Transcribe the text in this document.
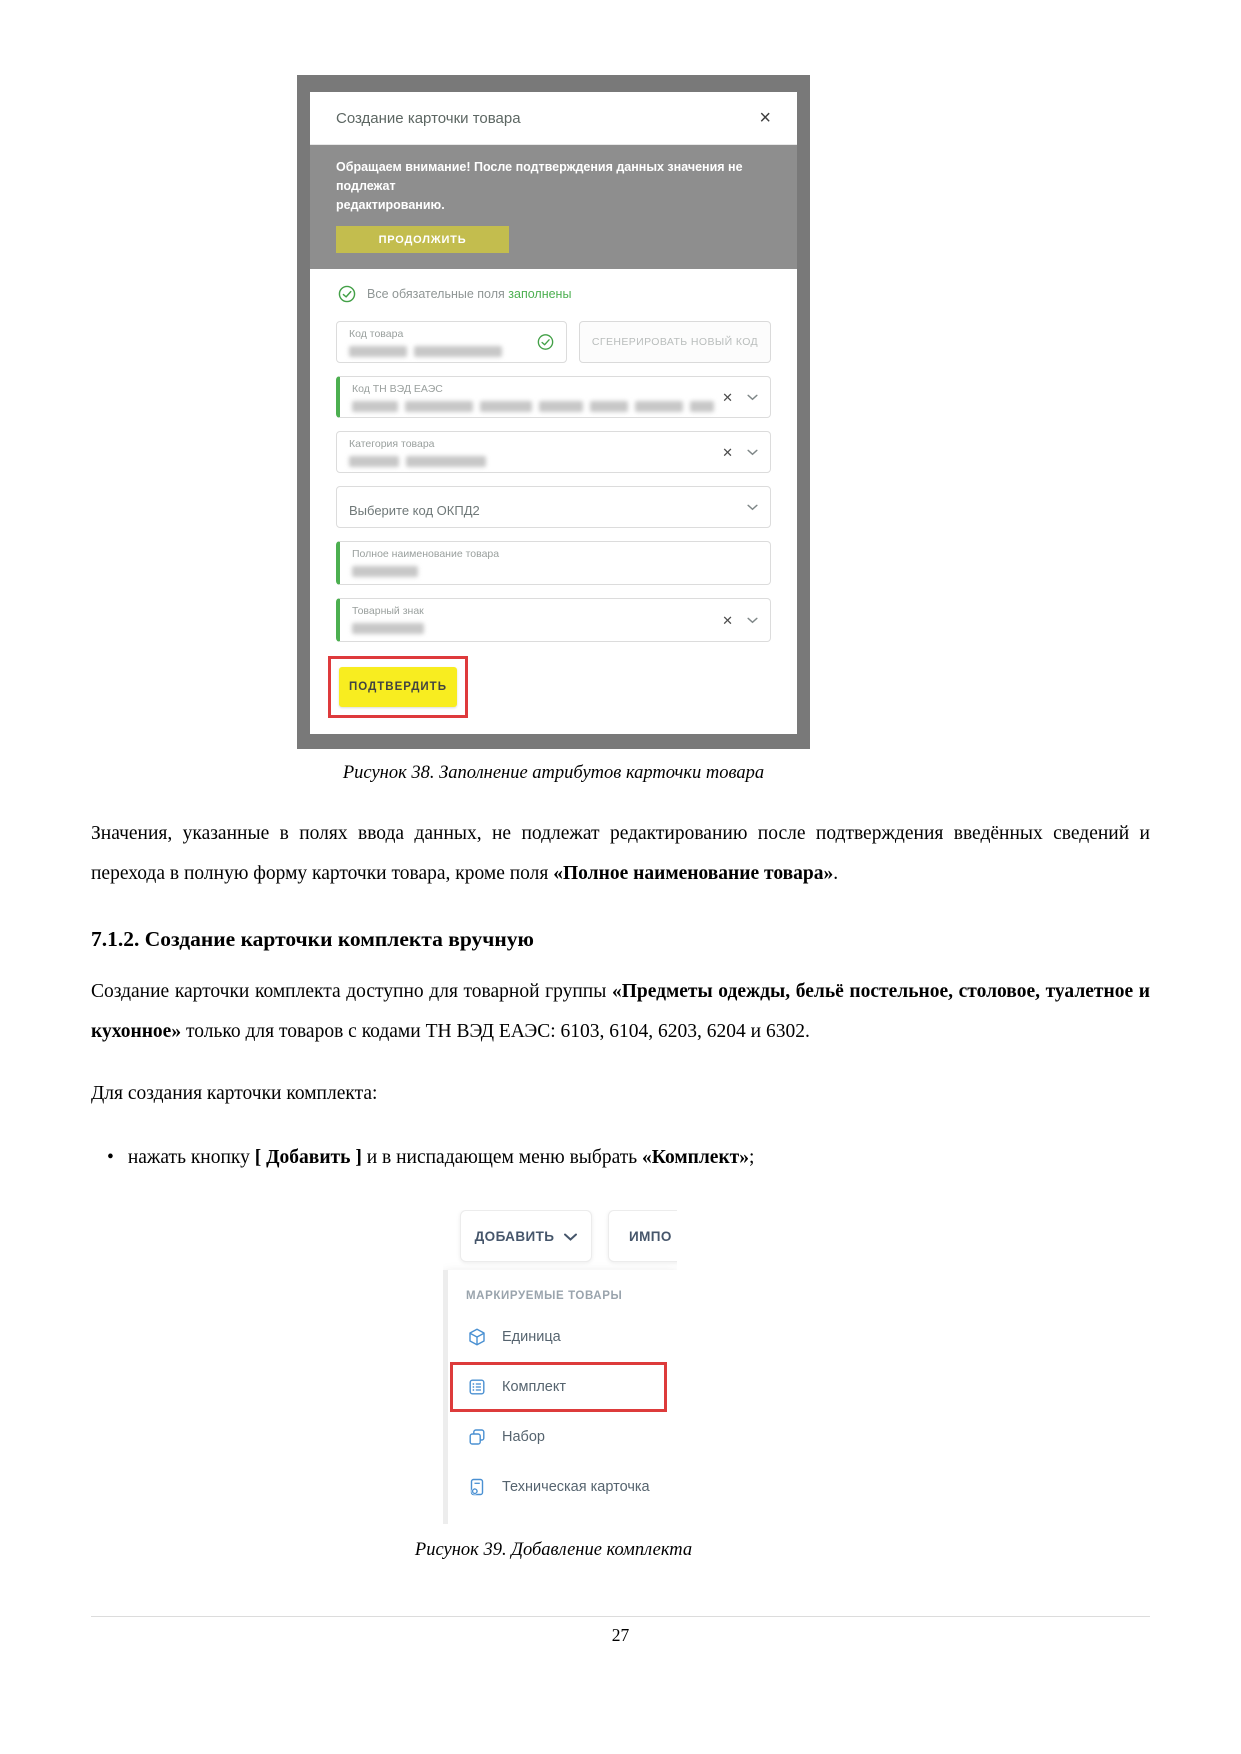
Создание карточки товара	×
Обращаем внимание! После подтверждения данных значения не подлежат
редактированию.
ПРОДОЛЖИТЬ
Все обязательные поля заполнены
Код товара
СГЕНЕРИРОВАТЬ НОВЫЙ КОД
Код ТН ВЭД ЕАЭС
✕
Категория товара
✕
Выберите код ОКПД2
Полное наименование товара
Товарный знак
✕
ПОДТВЕРДИТЬ
Рисунок 38. Заполнение атрибутов карточки товара

Значения, указанные в полях ввода данных, не подлежат редактированию после подтверждения введённых сведений и перехода в полную форму карточки товара, кроме поля «Полное наименование товара».

7.1.2. Создание карточки комплекта вручную

Создание карточки комплекта доступно для товарной группы «Предметы одежды, бельё постельное, столовое, туалетное и кухонное» только для товаров с кодами ТН ВЭД ЕАЭС: 6103, 6104, 6203, 6204 и 6302.

Для создания карточки комплекта:

• нажать кнопку [ Добавить ] и в ниспадающем меню выбрать «Комплект»;
ДОБАВИТЬ	ИМПО
МАРКИРУЕМЫЕ ТОВАРЫ
Единица
Комплект
Набор
Техническая карточка
Рисунок 39. Добавление комплекта
27
